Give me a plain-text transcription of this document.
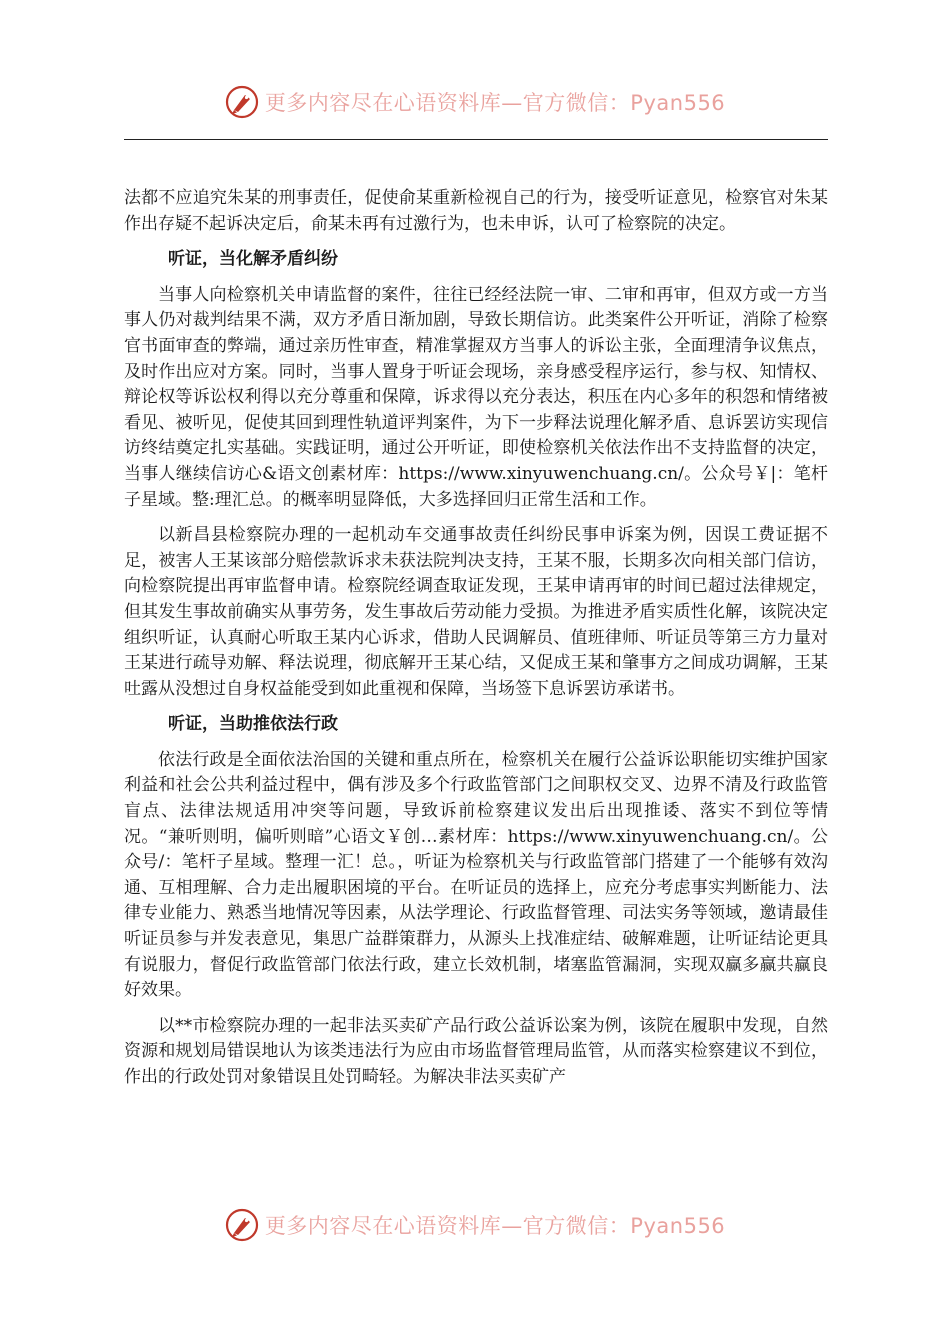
更多内容尽在心语资料库—官方微信：Pyan556

法都不应追究朱某的刑事责任，促使俞某重新检视自己的行为，接受听证意见，检察官对朱某作出存疑不起诉决定后，俞某未再有过激行为，也未申诉，认可了检察院的决定。

听证，当化解矛盾纠纷

当事人向检察机关申请监督的案件，往往已经经法院一审、二审和再审，但双方或一方当事人仍对裁判结果不满，双方矛盾日渐加剧，导致长期信访。此类案件公开听证，消除了检察官书面审查的弊端，通过亲历性审查，精准掌握双方当事人的诉讼主张，全面理清争议焦点，及时作出应对方案。同时，当事人置身于听证会现场，亲身感受程序运行，参与权、知情权、辩论权等诉讼权利得以充分尊重和保障，诉求得以充分表达，积压在内心多年的积怨和情绪被看见、被听见，促使其回到理性轨道评判案件，为下一步释法说理化解矛盾、息诉罢访实现信访终结奠定扎实基础。实践证明，通过公开听证，即使检察机关依法作出不支持监督的决定，当事人继续信访心&语文创素材库：https://www.xinyuwenchuang.cn/。公众号￥|：笔杆子星域。整:理汇总。的概率明显降低，大多选择回归正常生活和工作。

以新昌县检察院办理的一起机动车交通事故责任纠纷民事申诉案为例，因误工费证据不足，被害人王某该部分赔偿款诉求未获法院判决支持，王某不服，长期多次向相关部门信访，向检察院提出再审监督申请。检察院经调查取证发现，王某申请再审的时间已超过法律规定，但其发生事故前确实从事劳务，发生事故后劳动能力受损。为推进矛盾实质性化解，该院决定组织听证，认真耐心听取王某内心诉求，借助人民调解员、值班律师、听证员等第三方力量对王某进行疏导劝解、释法说理，彻底解开王某心结，又促成王某和肇事方之间成功调解，王某吐露从没想过自身权益能受到如此重视和保障，当场签下息诉罢访承诺书。

听证，当助推依法行政

依法行政是全面依法治国的关键和重点所在，检察机关在履行公益诉讼职能切实维护国家利益和社会公共利益过程中，偶有涉及多个行政监管部门之间职权交叉、边界不清及行政监管盲点、法律法规适用冲突等问题，导致诉前检察建议发出后出现推诿、落实不到位等情况。“兼听则明，偏听则暗”心语文￥创…素材库：https://www.xinyuwenchuang.cn/。公众号/：笔杆子星域。整理一汇！总。，听证为检察机关与行政监管部门搭建了一个能够有效沟通、互相理解、合力走出履职困境的平台。在听证员的选择上，应充分考虑事实判断能力、法律专业能力、熟悉当地情况等因素，从法学理论、行政监督管理、司法实务等领域，邀请最佳听证员参与并发表意见，集思广益群策群力，从源头上找准症结、破解难题，让听证结论更具有说服力，督促行政监管部门依法行政，建立长效机制，堵塞监管漏洞，实现双赢多赢共赢良好效果。

以**市检察院办理的一起非法买卖矿产品行政公益诉讼案为例，该院在履职中发现，自然资源和规划局错误地认为该类违法行为应由市场监督管理局监管，从而落实检察建议不到位，作出的行政处罚对象错误且处罚畸轻。为解决非法买卖矿产

更多内容尽在心语资料库—官方微信：Pyan556
